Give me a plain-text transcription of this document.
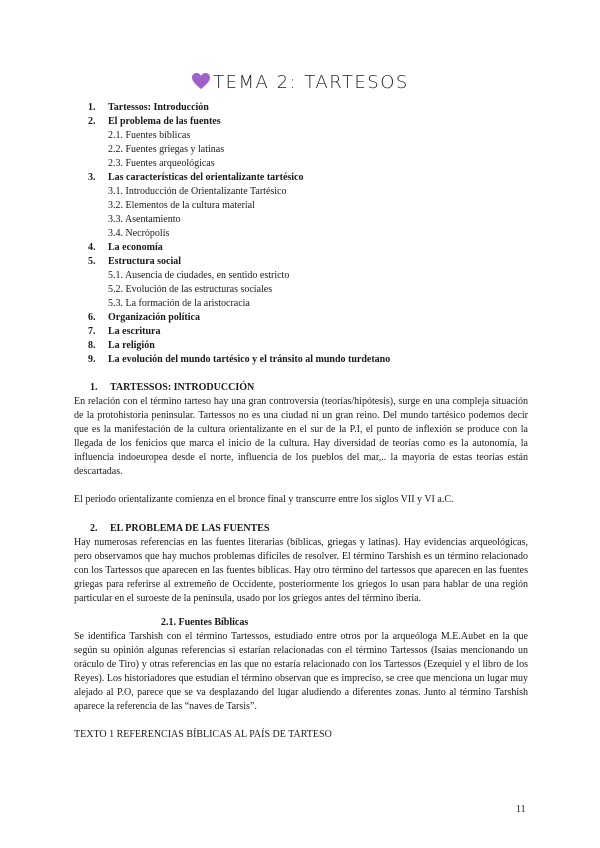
TEMA 2: TARTESOS
1.	Tartessos: Introducción
2.	El problema de las fuentes
2.1. Fuentes bíblicas
2.2. Fuentes griegas y latinas
2.3. Fuentes arqueológicas
3.	Las características del orientalizante tartésico
3.1. Introducción de Orientalizante Tartésico
3.2. Elementos de la cultura material
3.3. Asentamiento
3.4. Necrópolis
4.	La economía
5.	Estructura social
5.1. Ausencia de ciudades, en sentido estricto
5.2. Evolución de las estructuras sociales
5.3. La formación de la aristocracia
6.	Organización política
7.	La escritura
8.	La religión
9.	La evolución del mundo tartésico y el tránsito al mundo turdetano
1.	TARTESSOS: INTRODUCCIÓN

En relación con el término tarteso hay una gran controversia (teorías/hipótesis), surge en una compleja situación de la protohistoria peninsular. Tartessos no es una ciudad ni un gran reino. Del mundo tartésico podemos decir que es la manifestación de la cultura orientalizante en el sur de la P.I, el punto de inflexión se produce con la llegada de los fenicios que marca el inicio de la cultura. Hay diversidad de teorías como es la autonomía, la influencia indoeuropea desde el norte, influencia de los pueblos del mar,.. la mayoría de estas teorías están descartadas.

El periodo orientalizante comienza en el bronce final y transcurre entre los siglos VII y VI a.C.

2.	EL PROBLEMA DE LAS FUENTES

Hay numerosas referencias en las fuentes literarias (bíblicas, griegas y latinas). Hay evidencias arqueológicas, pero observamos que hay muchos problemas difíciles de resolver. El término Tarshish es un término relacionado con los Tartessos que aparecen en las fuentes bíblicas. Hay otro término del tartessos que aparecen en las fuentes griegas para referirse al extremeño de Occidente, posteriormente los griegos lo usan para hablar de una región particular en el suroeste de la península, usado por los griegos antes del término iberia.

2.1. Fuentes Bíblicas

Se identifica Tarshish con el término Tartessos, estudiado entre otros por la arqueóloga M.E.Aubet en la que según su opinión algunas referencias si estarían relacionadas con el término Tartessos (Isaías mencionando un oráculo de Tiro) y otras referencias en las que no estaría relacionado con los Tartessos (Ezequiel y el libro de los Reyes). Los historiadores que estudian el término observan que es impreciso, se cree que menciona un lugar muy alejado al P.O, parece que se va desplazando del lugar aludiendo a diferentes zonas. Junto al término Tarshish aparece la referencia de las “naves de Tarsis”.

TEXTO 1 REFERENCIAS BÍBLICAS AL PAÍS DE TARTESO
11
